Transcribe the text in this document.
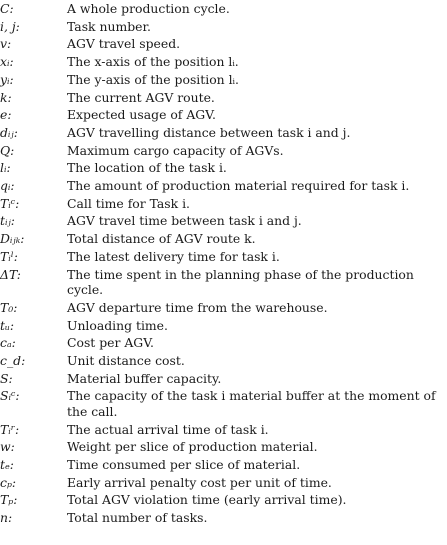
C:	A whole production cycle.
i, j:	Task number.
v:	AGV travel speed.
xᵢ:	The x-axis of the position lᵢ.
yᵢ:	The y-axis of the position lᵢ.
k:	The current AGV route.
e:	Expected usage of AGV.
dᵢⱼ:	AGV travelling distance between task i and j.
Q:	Maximum cargo capacity of AGVs.
lᵢ:	The location of the task i.
qᵢ:	The amount of production material required for task i.
Tᵢᶜ:	Call time for Task i.
tᵢⱼ:	AGV travel time between task i and j.
Dᵢⱼₖ:	Total distance of AGV route k.
Tᵢˡ:	The latest delivery time for task i.
ΔT:	The time spent in the planning phase of the production cycle.
T₀:	AGV departure time from the warehouse.
tᵤ:	Unloading time.
cₐ:	Cost per AGV.
c_d:	Unit distance cost.
S:	Material buffer capacity.
Sᵢᶜ:	The capacity of the task i material buffer at the moment of the call.
Tᵢʳ:	The actual arrival time of task i.
w:	Weight per slice of production material.
tₑ:	Time consumed per slice of material.
cₚ:	Early arrival penalty cost per unit of time.
Tₚ:	Total AGV violation time (early arrival time).
n:	Total number of tasks.
